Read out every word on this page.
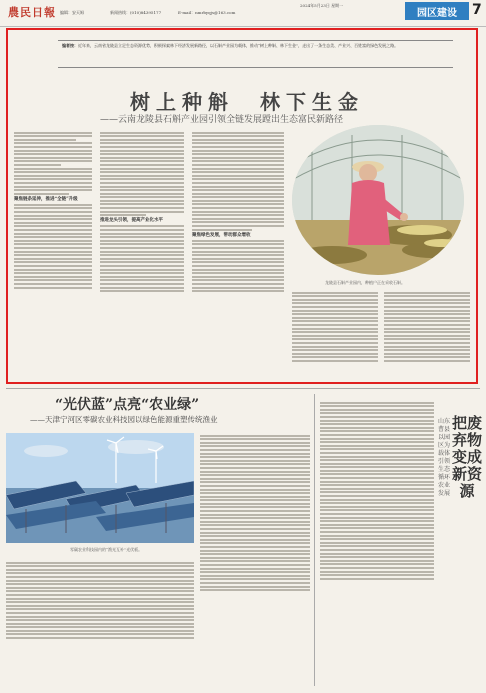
農民日報 编辑：安天姆	新闻热线：(010)84395177	E-mail：nmrbyqjs@163.com
2024年5月23日 星期一
园区建设	7
编者按：近年来，云南省龙陵县立足生态资源优势，积极探索林下经济发展新路径，以石斛产业园为载体，推动“树上种斛、林下生金”，走出了一条生态美、产业兴、百姓富的绿色发展之路。
树上种斛　林下生金
——云南龙陵县石斛产业园引领全链发展蹚出生态富民新路径
聚焦链条延伸，推进“全链”升级
推进龙头引领，提高产业化水平
聚焦绿色发展，带动群众增收
龙陵县石斛产业园内，种植户正在采收石斛。
“光伏蓝”点亮“农业绿”
——天津宁河区零碳农业科技园以绿色能源重塑传统渔业
零碳农业科技园内的“渔光互补”光伏板。
把废弃物变成新资源
山东曹县以园区为载体引领生态循环农业发展
